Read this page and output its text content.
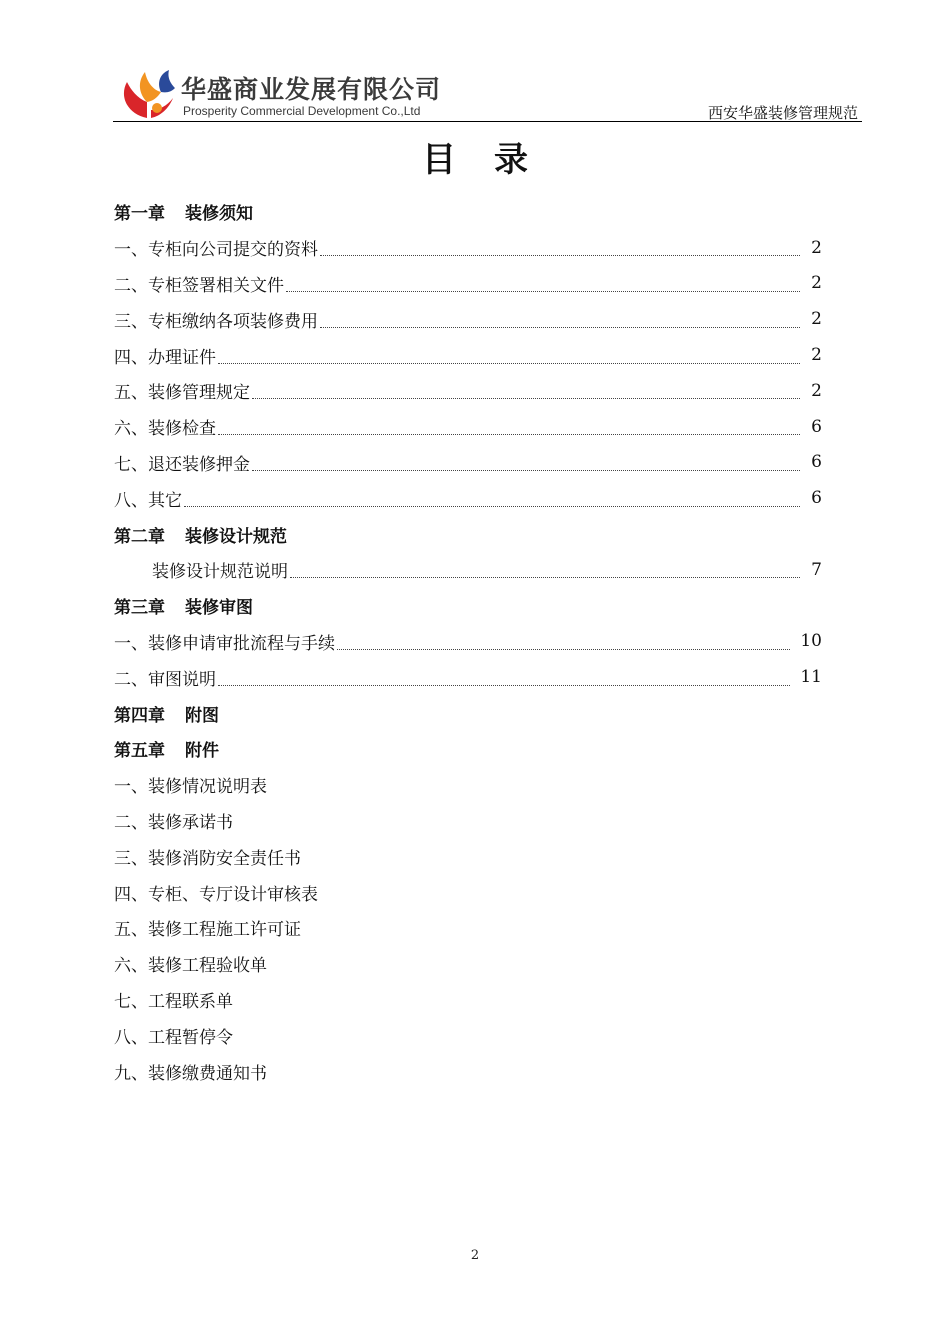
华盛商业发展有限公司
Prosperity Commercial Development Co.,Ltd	西安华盛装修管理规范
目录
第一章 装修须知
一、专柜向公司提交的资料	2
二、专柜签署相关文件	2
三、专柜缴纳各项装修费用	2
四、办理证件	2
五、装修管理规定	2
六、装修检查	6
七、退还装修押金	6
八、其它	6
第二章 装修设计规范
装修设计规范说明	7
第三章 装修审图
一、装修申请审批流程与手续	10
二、审图说明	11
第四章 附图
第五章 附件
一、装修情况说明表
二、装修承诺书
三、装修消防安全责任书
四、专柜、专厅设计审核表
五、装修工程施工许可证
六、装修工程验收单
七、工程联系单
八、工程暂停令
九、装修缴费通知书
2
